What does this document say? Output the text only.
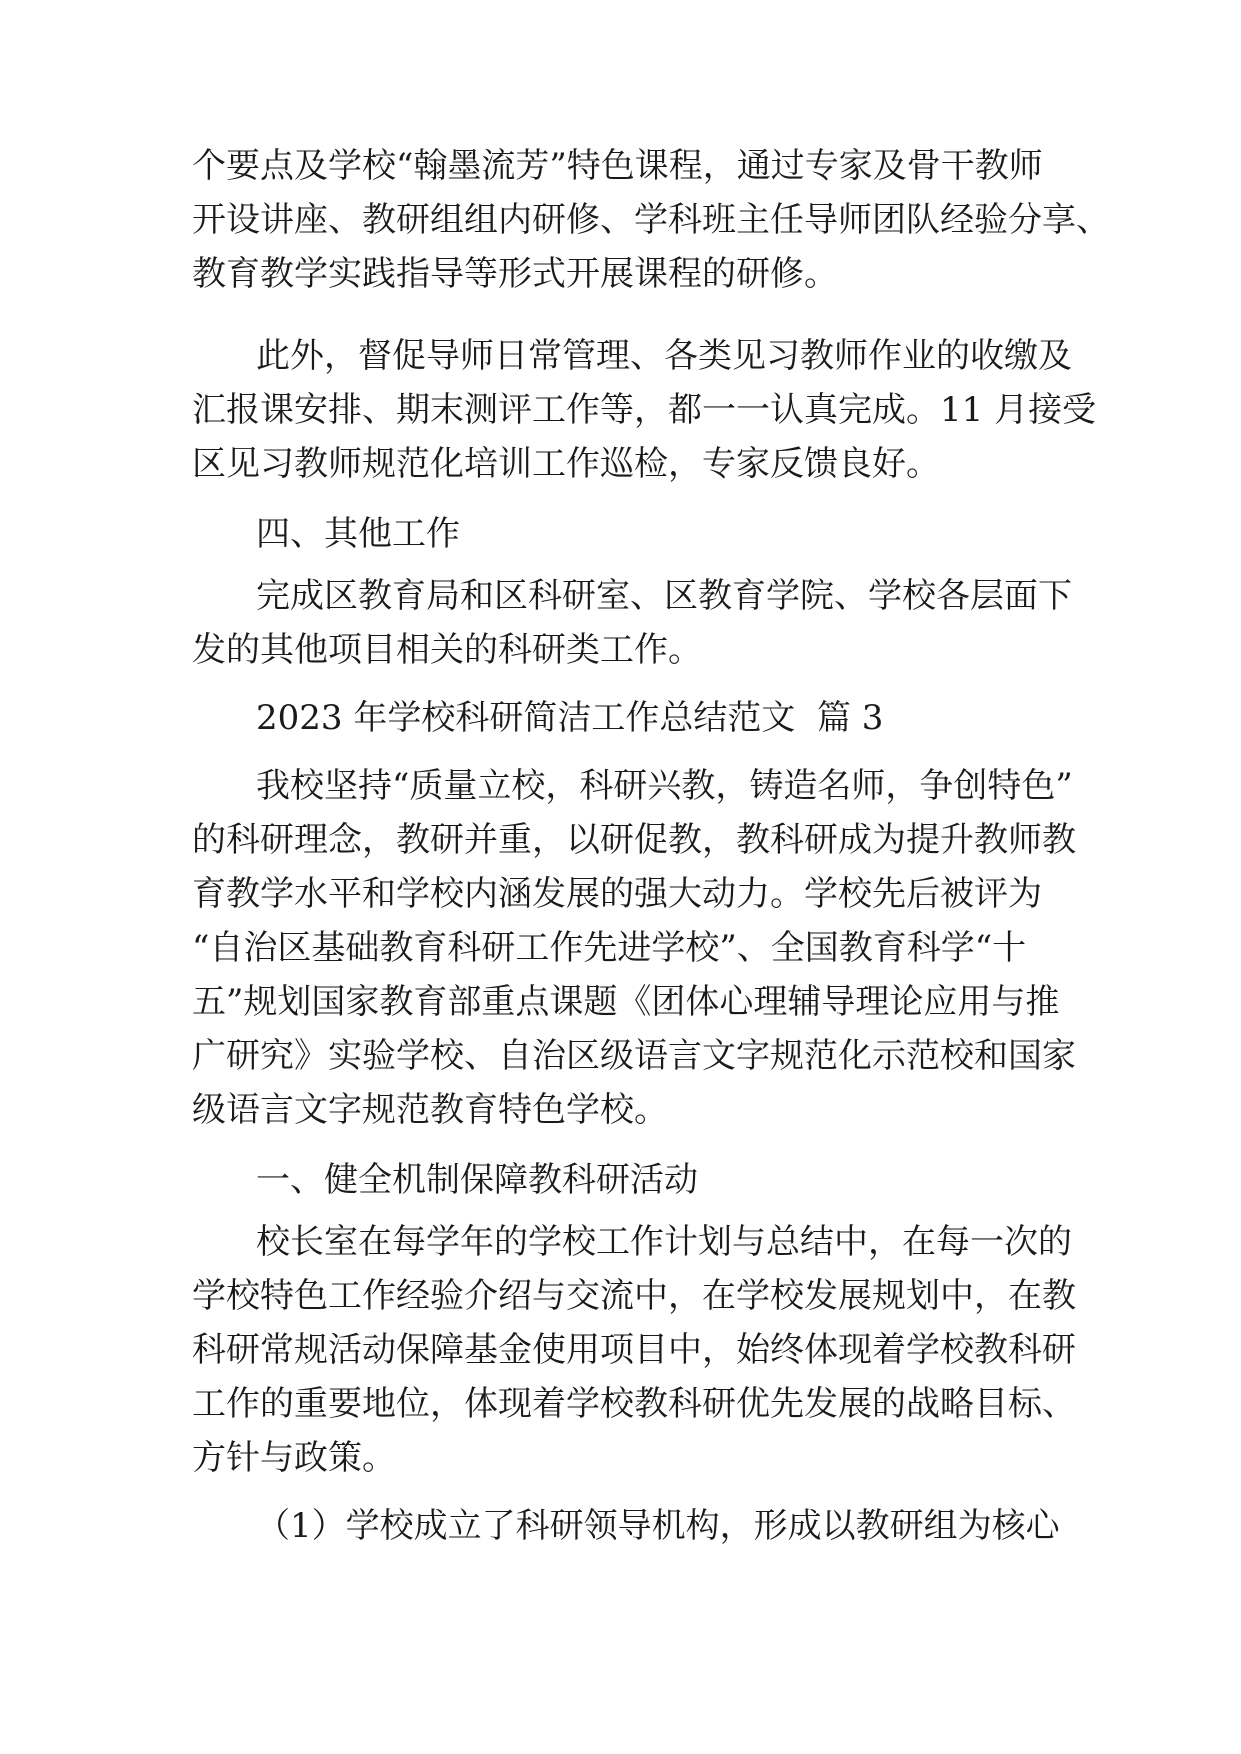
个要点及学校“翰墨流芳”特色课程，通过专家及骨干教师
开设讲座、教研组组内研修、学科班主任导师团队经验分享、
教育教学实践指导等形式开展课程的研修。
此外，督促导师日常管理、各类见习教师作业的收缴及
汇报课安排、期末测评工作等，都一一认真完成。11 月接受
区见习教师规范化培训工作巡检，专家反馈良好。
四、其他工作
完成区教育局和区科研室、区教育学院、学校各层面下
发的其他项目相关的科研类工作。
2023 年学校科研简洁工作总结范文  篇 3
我校坚持“质量立校，科研兴教，铸造名师，争创特色”
的科研理念，教研并重，以研促教，教科研成为提升教师教
育教学水平和学校内涵发展的强大动力。学校先后被评为
“自治区基础教育科研工作先进学校”、全国教育科学“十
五”规划国家教育部重点课题《团体心理辅导理论应用与推
广研究》实验学校、自治区级语言文字规范化示范校和国家
级语言文字规范教育特色学校。
一、健全机制保障教科研活动
校长室在每学年的学校工作计划与总结中，在每一次的
学校特色工作经验介绍与交流中，在学校发展规划中，在教
科研常规活动保障基金使用项目中，始终体现着学校教科研
工作的重要地位，体现着学校教科研优先发展的战略目标、
方针与政策。
（1）学校成立了科研领导机构，形成以教研组为核心
